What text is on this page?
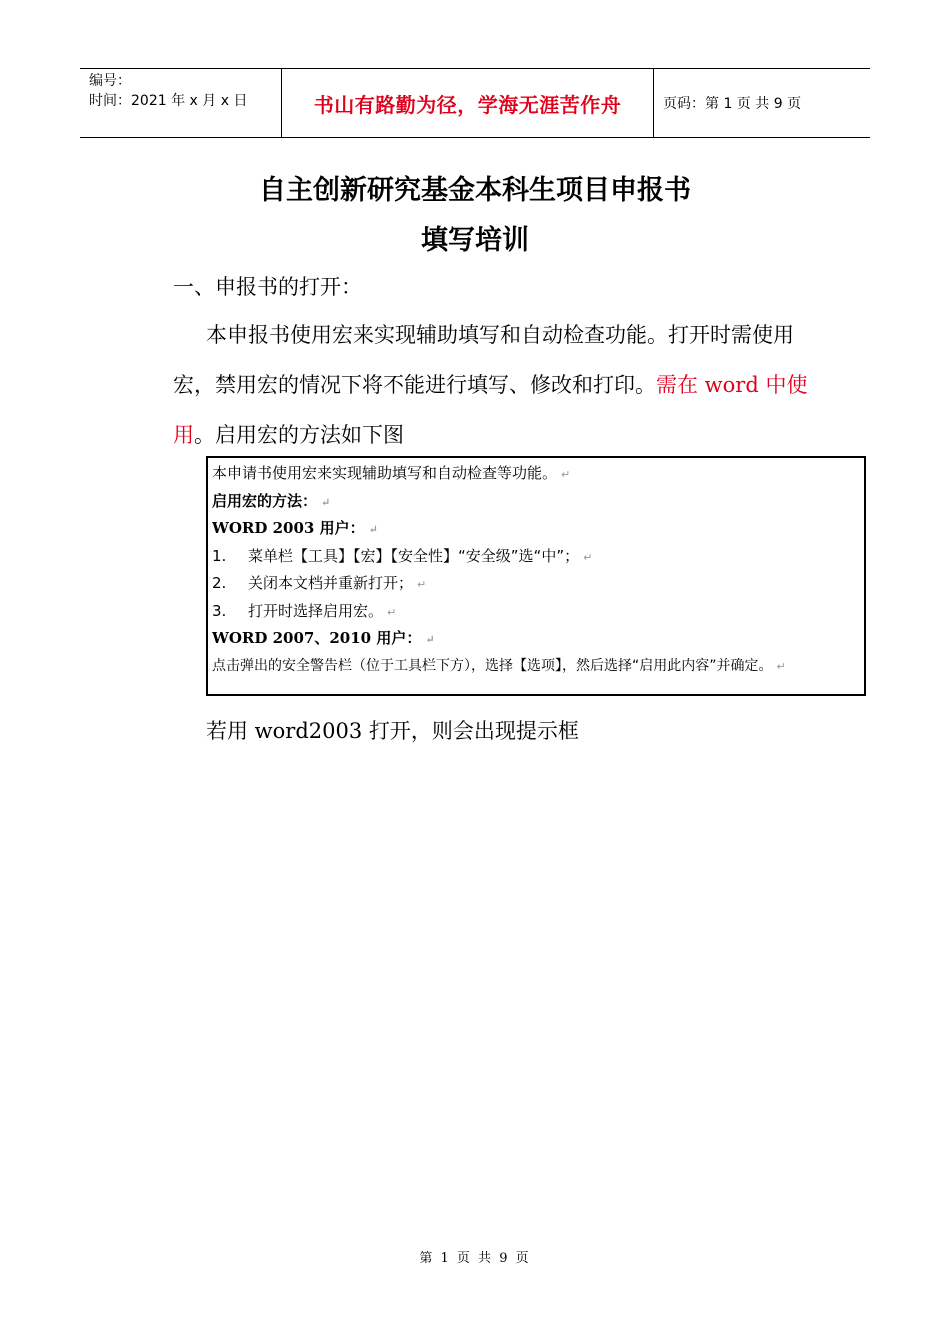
编号：
时间：2021 年 x 月 x 日	书山有路勤为径，学海无涯苦作舟	页码：第 1 页 共 9 页
自主创新研究基金本科生项目申报书
填写培训
一、申报书的打开：
本申报书使用宏来实现辅助填写和自动检查功能。打开时需使用宏，禁用宏的情况下将不能进行填写、修改和打印。需在 word 中使用。启用宏的方法如下图
本申请书使用宏来实现辅助填写和自动检查等功能。 ↵
启用宏的方法： ↵
WORD 2003 用户： ↵
1. 菜单栏【工具】【宏】【安全性】“安全级”选“中”； ↵
2. 关闭本文档并重新打开； ↵
3. 打开时选择启用宏。 ↵
WORD 2007、2010 用户： ↵
点击弹出的安全警告栏（位于工具栏下方），选择【选项】，然后选择“启用此内容”并确定。 ↵
若用 word2003 打开，则会出现提示框
第 1 页 共 9 页
